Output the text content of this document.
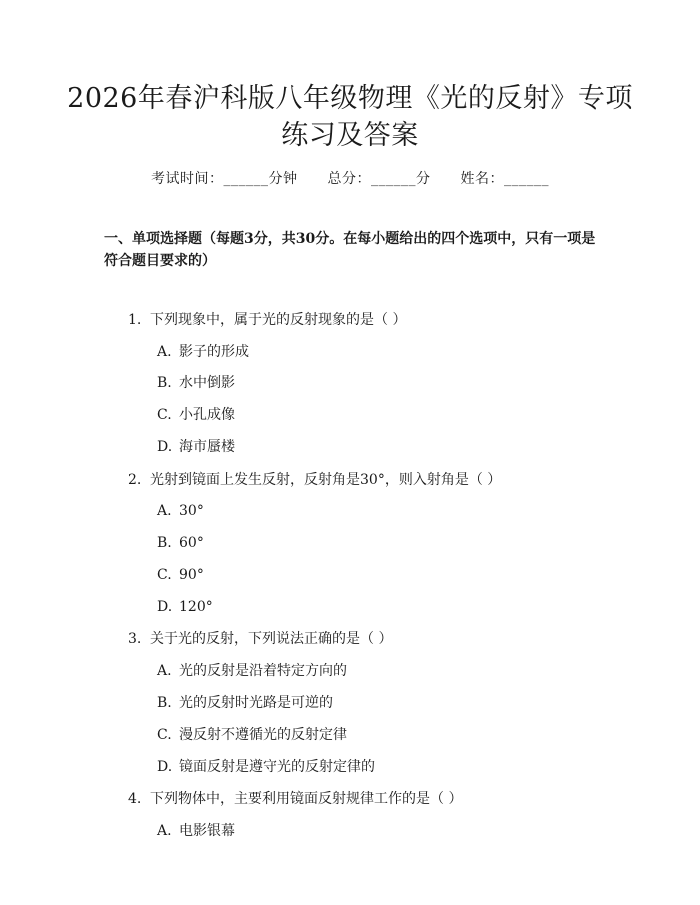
2026年春沪科版八年级物理《光的反射》专项练习及答案
考试时间：______分钟 总分：______分 姓名：______
一、单项选择题（每题3分，共30分。在每小题给出的四个选项中，只有一项是符合题目要求的）
1. 下列现象中，属于光的反射现象的是（ ）
A. 影子的形成
B. 水中倒影
C. 小孔成像
D. 海市蜃楼
2. 光射到镜面上发生反射，反射角是30°，则入射角是（ ）
A. 30°
B. 60°
C. 90°
D. 120°
3. 关于光的反射，下列说法正确的是（ ）
A. 光的反射是沿着特定方向的
B. 光的反射时光路是可逆的
C. 漫反射不遵循光的反射定律
D. 镜面反射是遵守光的反射定律的
4. 下列物体中，主要利用镜面反射规律工作的是（ ）
A. 电影银幕
